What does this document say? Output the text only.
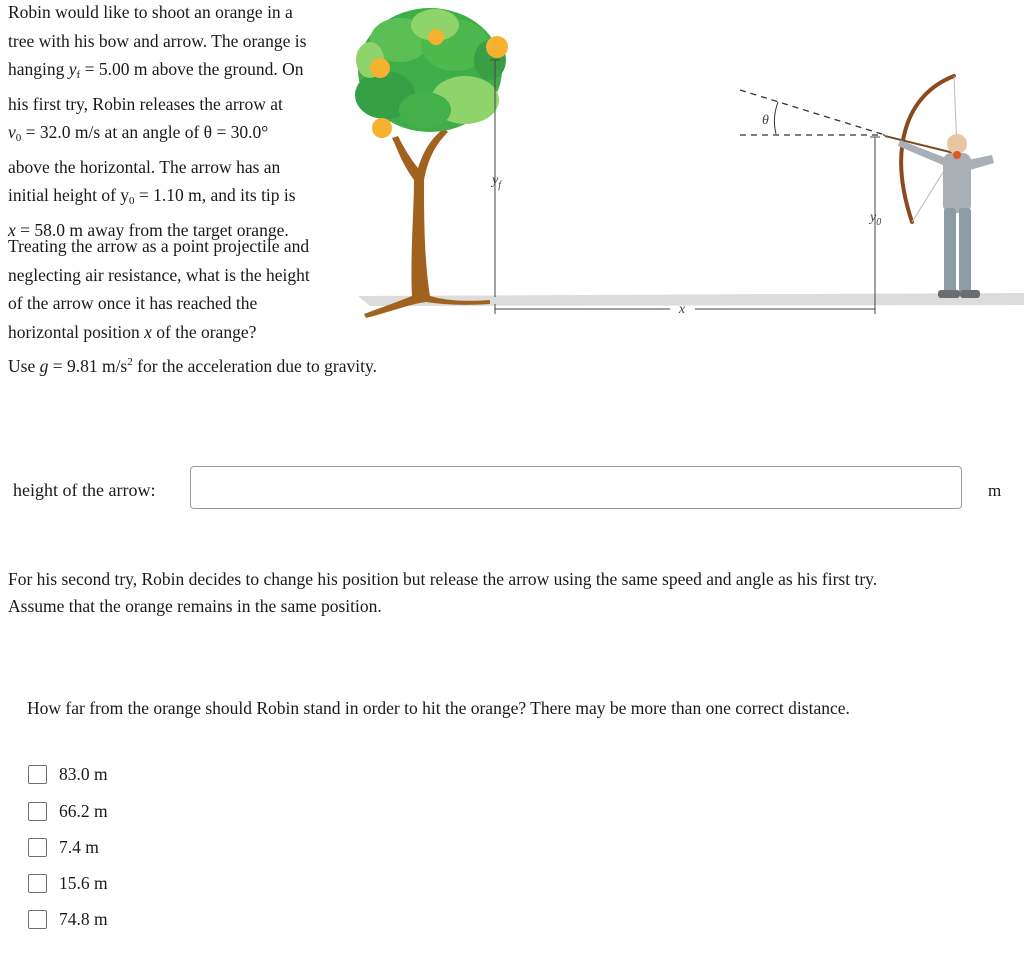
Robin would like to shoot an orange in a
tree with his bow and arrow. The orange is
hanging $y_f = 5.00$ m above the ground. On
his first try, Robin releases the arrow at
$v_0 = 32.0$ m/s at an angle of θ = 30.0°
above the horizontal. The arrow has an
initial height of $y_0 = 1.10$ m, and its tip is
x = 58.0 m away from the target orange.
Treating the arrow as a point projectile and
neglecting air resistance, what is the height
of the arrow once it has reached the
horizontal position x of the orange?
Use g = 9.81 $m/s^2$ for the acceleration due to gravity.
$y_f$
x
$y_0$
θ
height of the arrow:	m
For his second try, Robin decides to change his position but release the arrow using the same speed and angle as his first try.
Assume that the orange remains in the same position.
How far from the orange should Robin stand in order to hit the orange? There may be more than one correct distance.
83.0 m
66.2 m
7.4 m
15.6 m
74.8 m
